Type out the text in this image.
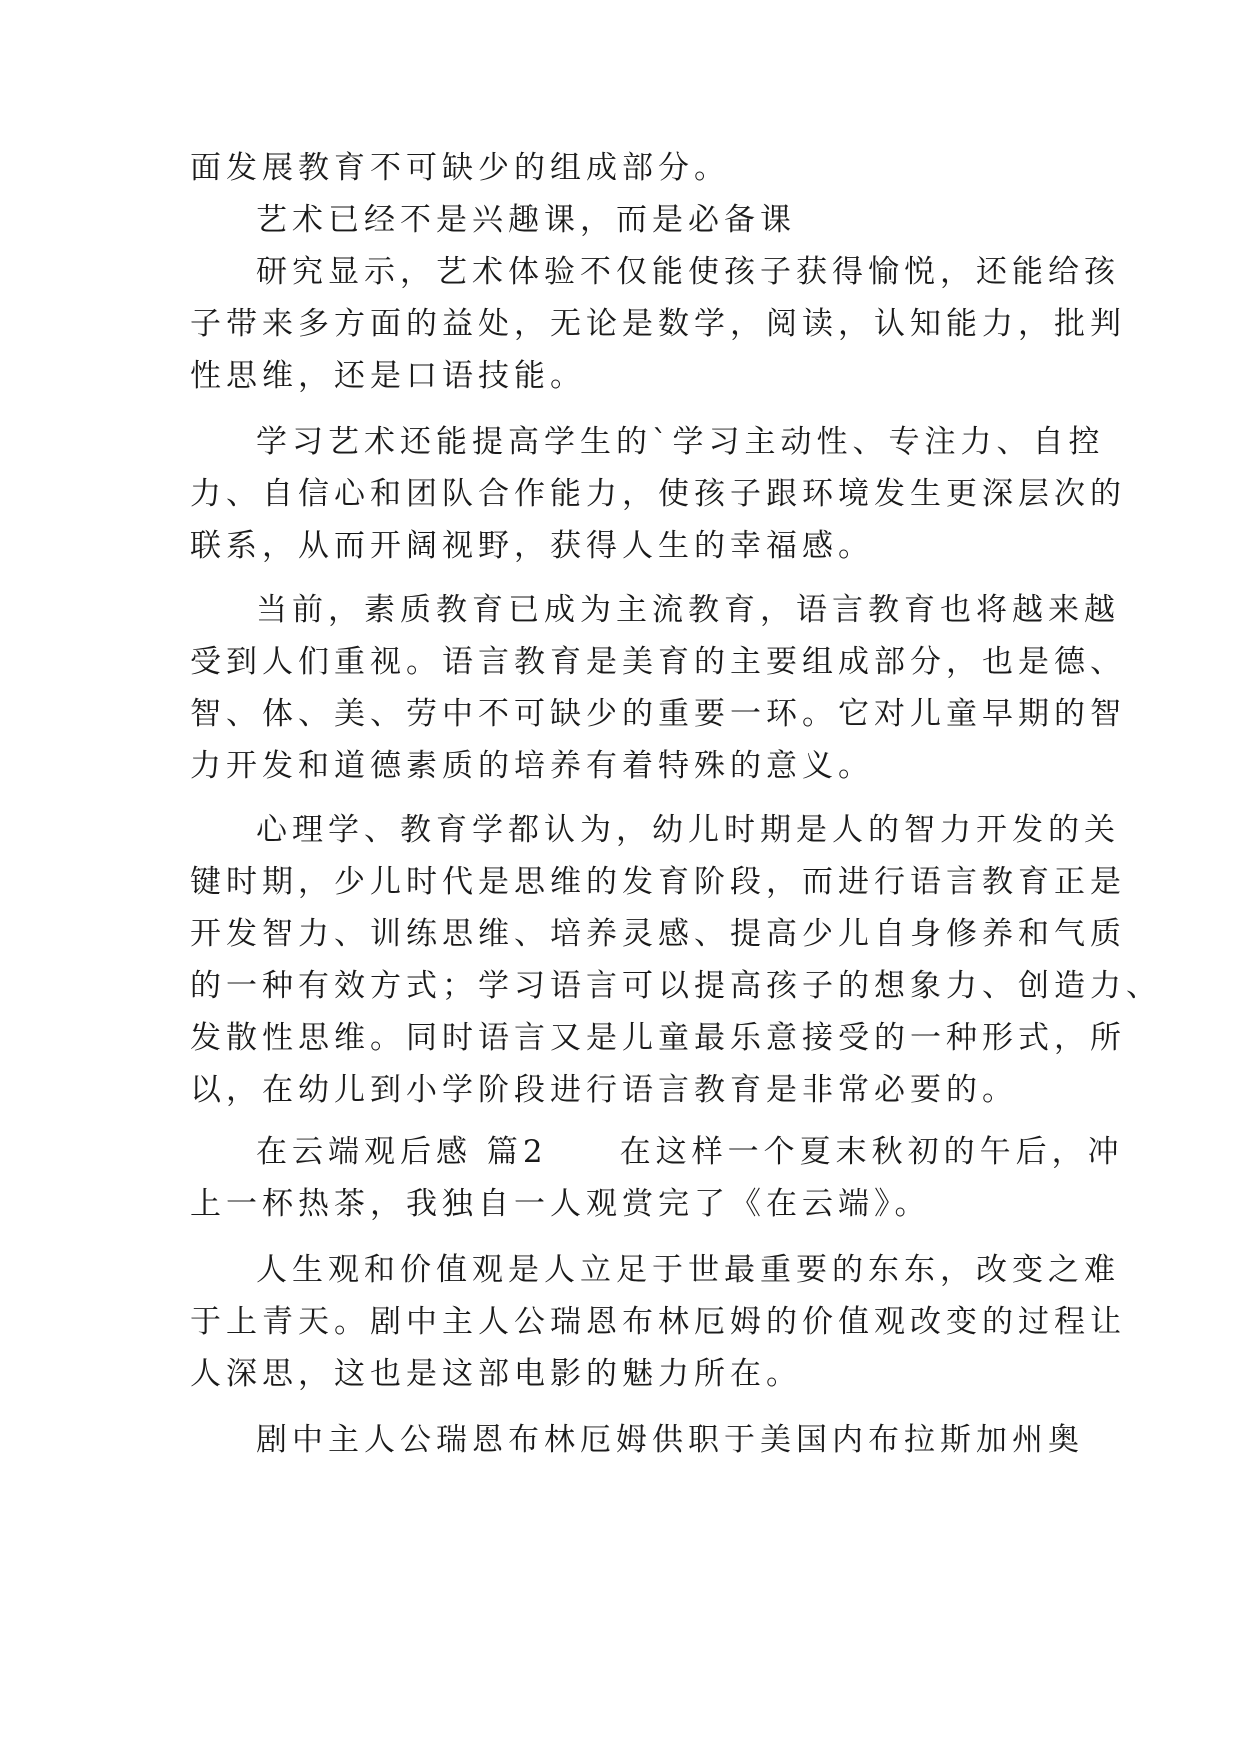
面发展教育不可缺少的组成部分。
艺术已经不是兴趣课，而是必备课
研究显示，艺术体验不仅能使孩子获得愉悦，还能给孩
子带来多方面的益处，无论是数学，阅读，认知能力，批判
性思维，还是口语技能。
学习艺术还能提高学生的`学习主动性、专注力、自控
力、自信心和团队合作能力，使孩子跟环境发生更深层次的
联系，从而开阔视野，获得人生的幸福感。
当前，素质教育已成为主流教育，语言教育也将越来越
受到人们重视。语言教育是美育的主要组成部分，也是德、
智、体、美、劳中不可缺少的重要一环。它对儿童早期的智
力开发和道德素质的培养有着特殊的意义。
心理学、教育学都认为，幼儿时期是人的智力开发的关
键时期，少儿时代是思维的发育阶段，而进行语言教育正是
开发智力、训练思维、培养灵感、提高少儿自身修养和气质
的一种有效方式；学习语言可以提高孩子的想象力、创造力、
发散性思维。同时语言又是儿童最乐意接受的一种形式，所
以，在幼儿到小学阶段进行语言教育是非常必要的。
在云端观后感 篇2　　在这样一个夏末秋初的午后，冲
上一杯热茶，我独自一人观赏完了《在云端》。
人生观和价值观是人立足于世最重要的东东，改变之难
于上青天。剧中主人公瑞恩布林厄姆的价值观改变的过程让
人深思，这也是这部电影的魅力所在。
剧中主人公瑞恩布林厄姆供职于美国内布拉斯加州奥
